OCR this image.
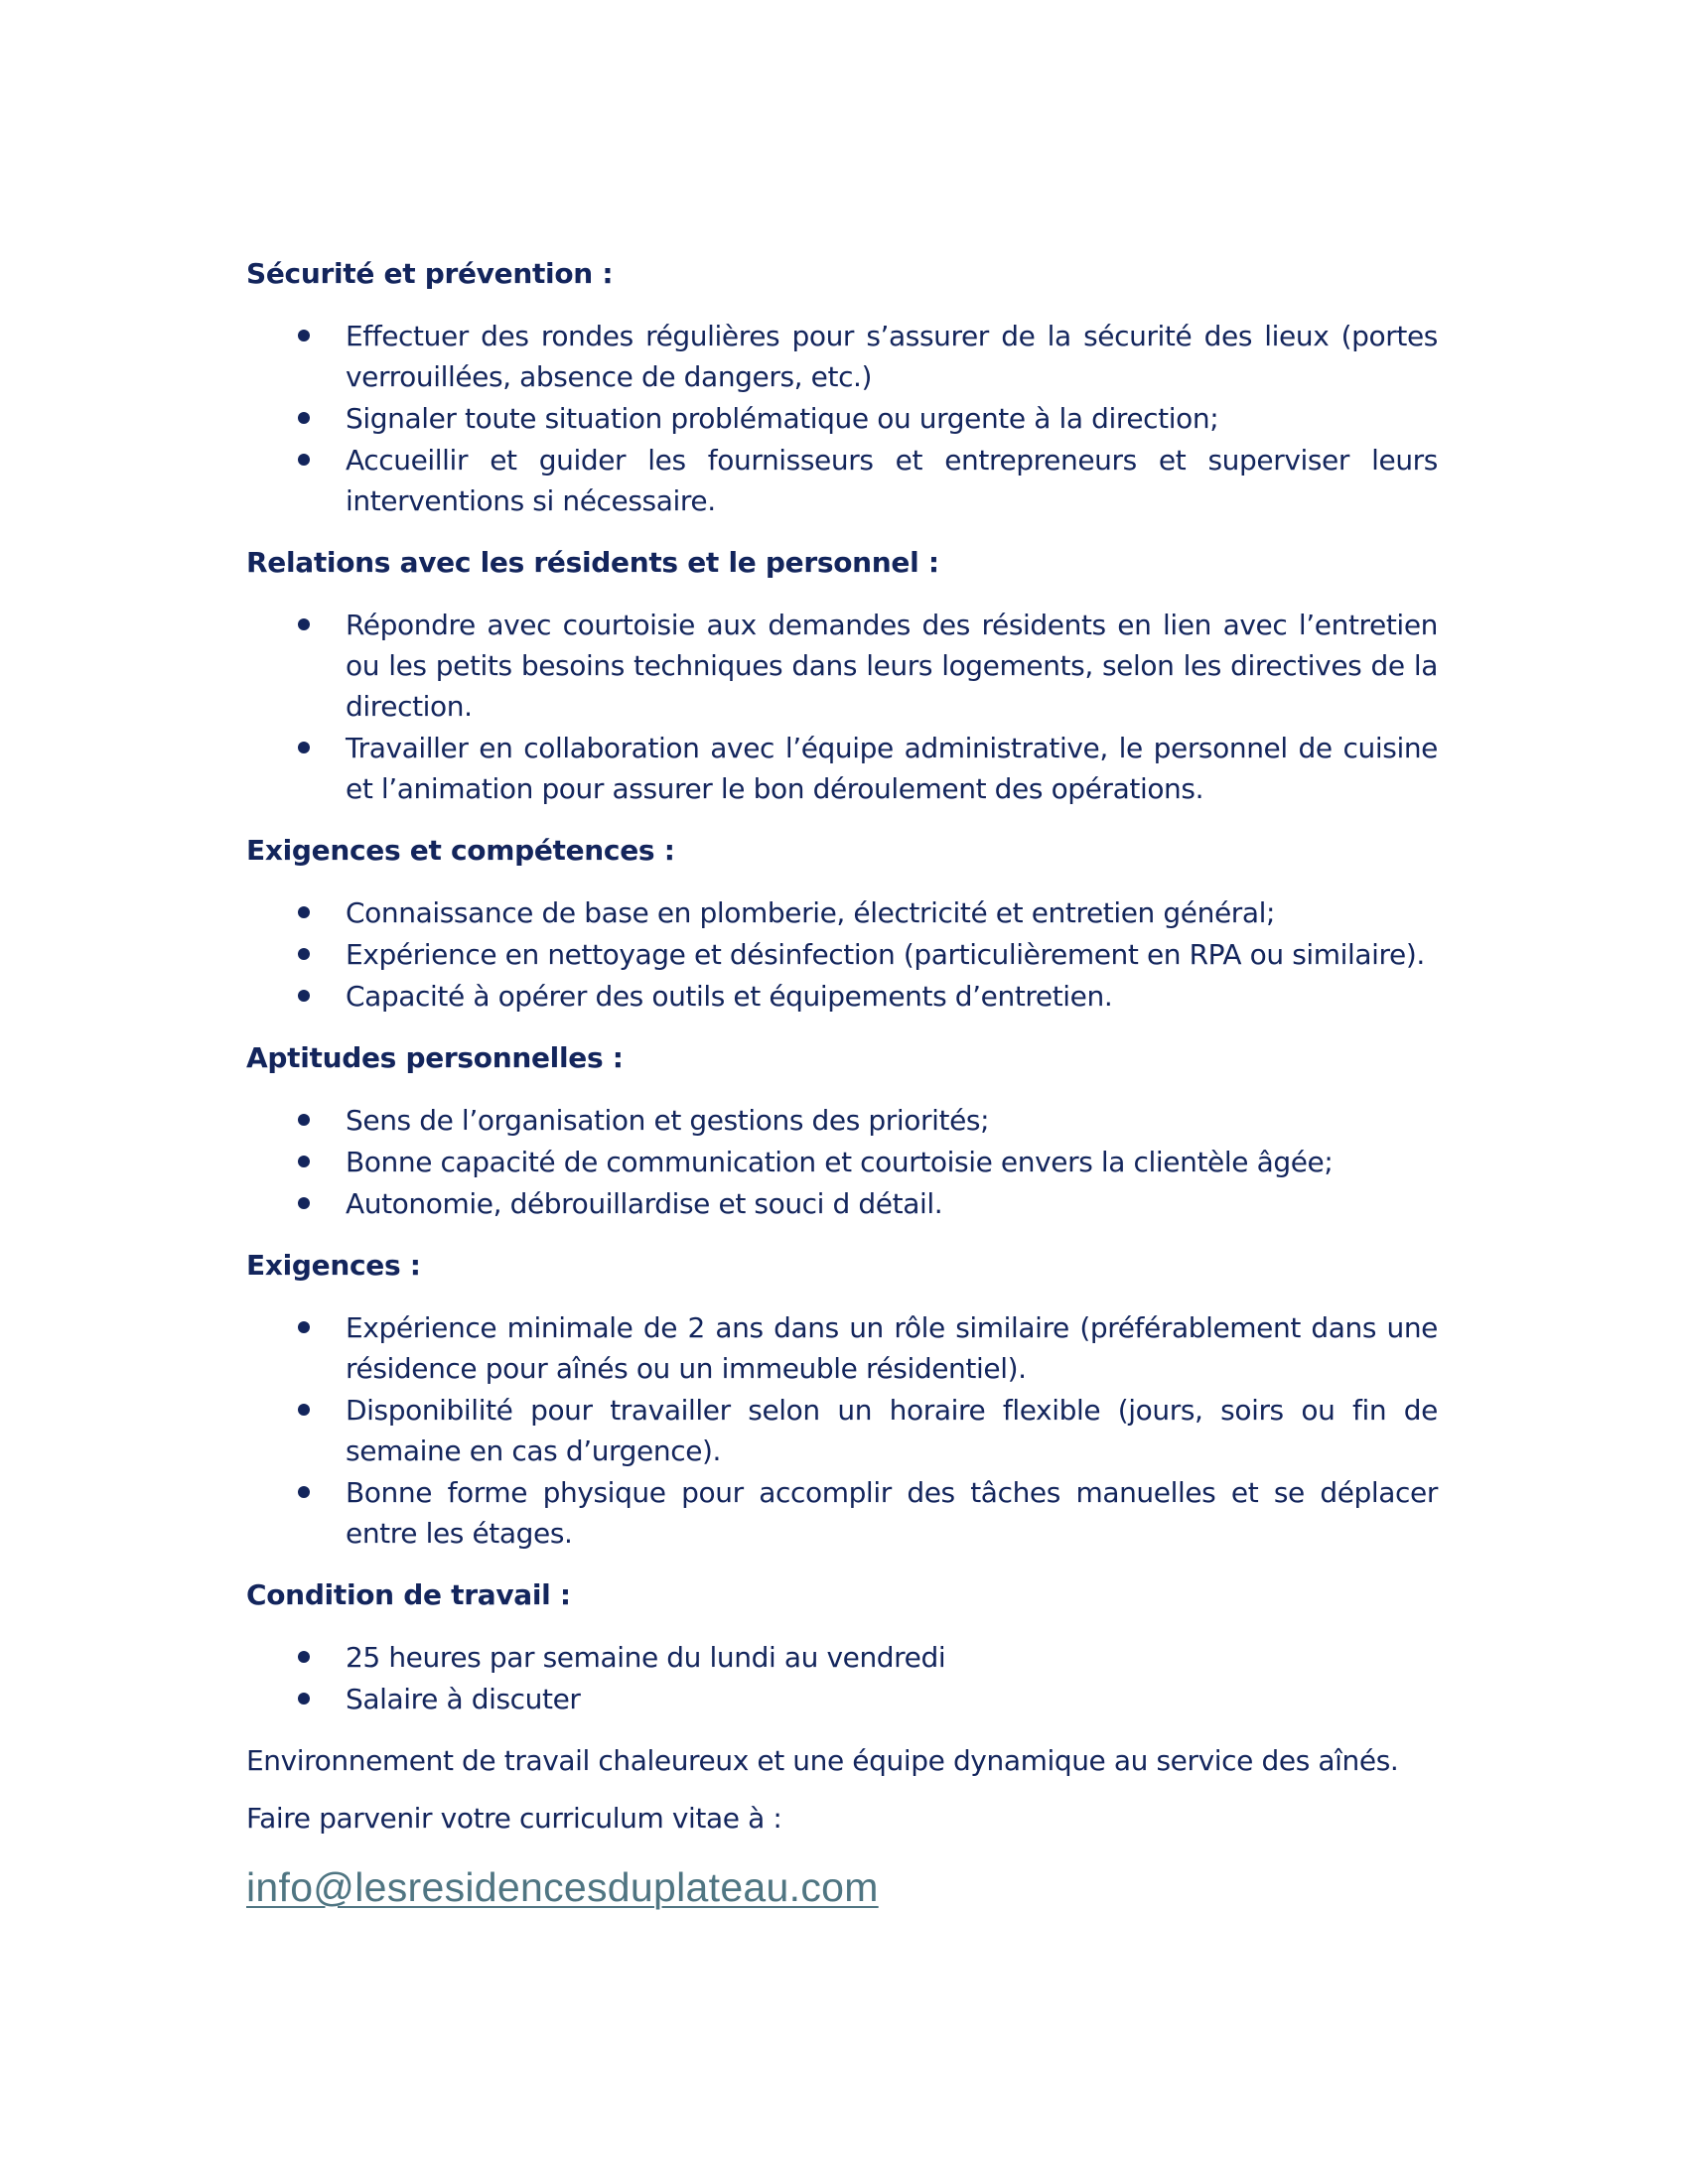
Sécurité et prévention :
Effectuer des rondes régulières pour s’assurer de la sécurité des lieux (portes verrouillées, absence de dangers, etc.)
Signaler toute situation problématique ou urgente à la direction;
Accueillir et guider les fournisseurs et entrepreneurs et superviser leurs interventions si nécessaire.
Relations avec les résidents et le personnel :
Répondre avec courtoisie aux demandes des résidents en lien avec l’entretien ou les petits besoins techniques dans leurs logements, selon les directives de la direction.
Travailler en collaboration avec l’équipe administrative, le personnel de cuisine et l’animation pour assurer le bon déroulement des opérations.
Exigences et compétences :
Connaissance de base en plomberie, électricité et entretien général;
Expérience en nettoyage et désinfection (particulièrement en RPA ou similaire).
Capacité à opérer des outils et équipements d’entretien.
Aptitudes personnelles :
Sens de l’organisation et gestions des priorités;
Bonne capacité de communication et courtoisie envers la clientèle âgée;
Autonomie, débrouillardise et souci d détail.
Exigences :
Expérience minimale de 2 ans dans un rôle similaire (préférablement dans une résidence pour aînés ou un immeuble résidentiel).
Disponibilité pour travailler selon un horaire flexible (jours, soirs ou fin de semaine en cas d’urgence).
Bonne forme physique pour accomplir des tâches manuelles et se déplacer entre les étages.
Condition de travail :
25 heures par semaine du lundi au vendredi
Salaire à discuter

Environnement de travail chaleureux et une équipe dynamique au service des aînés.

Faire parvenir votre curriculum vitae à :

info@lesresidencesduplateau.com
